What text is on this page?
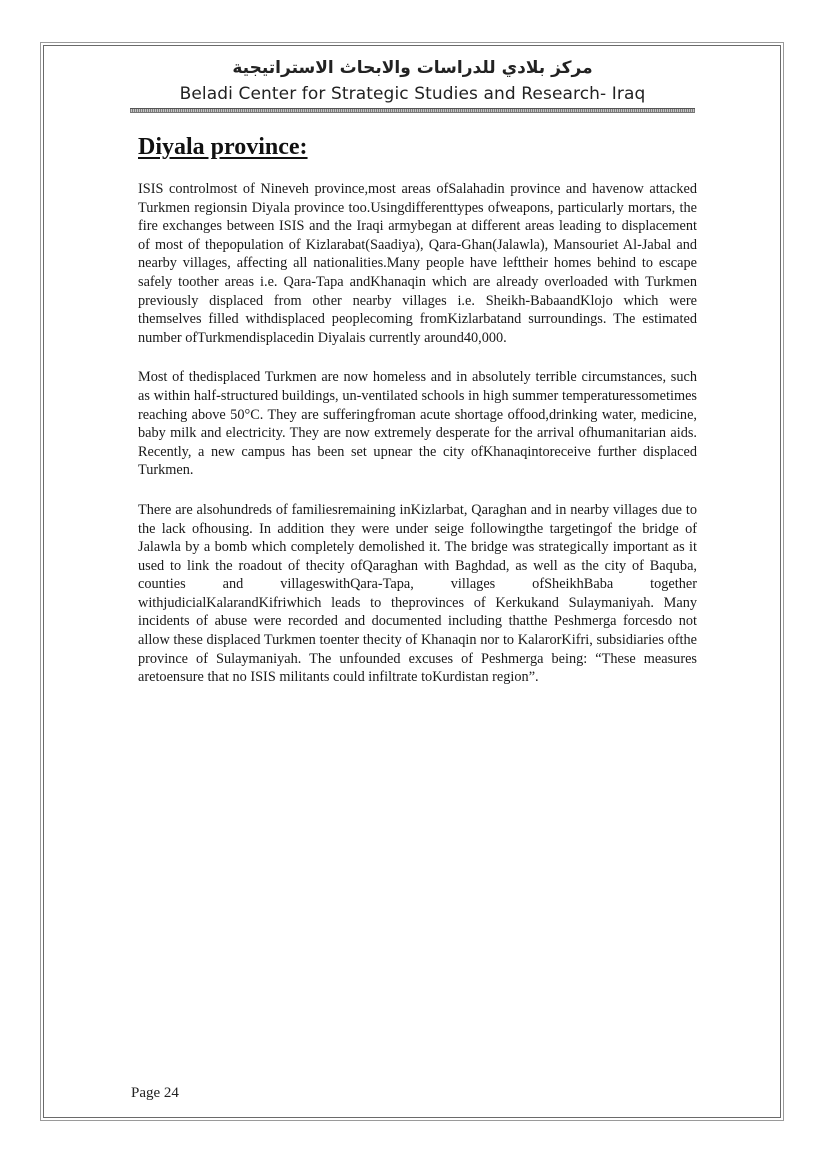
مركز بلادي للدراسات والابحاث الاستراتيجية
Beladi Center for Strategic Studies and Research- Iraq
Diyala province:

ISIS controlmost of Nineveh province,most areas ofSalahadin province and havenow attacked Turkmen regionsin Diyala province too.Usingdifferenttypes ofweapons, particularly mortars, the fire exchanges between ISIS and the Iraqi armybegan at different areas leading to displacement of most of thepopulation of Kizlarabat(Saadiya), Qara-Ghan(Jalawla), Mansouriet Al-Jabal and nearby villages, affecting all nationalities.Many people have lefttheir homes behind to escape safely toother areas i.e. Qara-Tapa andKhanaqin which are already overloaded with Turkmen previously displaced from other nearby villages i.e. Sheikh-BabaandKlojo which were themselves filled withdisplaced peoplecoming fromKizlarbatand surroundings. The estimated number ofTurkmendisplacedin Diyalais currently around40,000.

Most of thedisplaced Turkmen are now homeless and in absolutely terrible circumstances, such as within half-structured buildings, un-ventilated schools in high summer temperaturessometimes reaching above 50°C. They are sufferingfroman acute shortage offood,drinking water, medicine, baby milk and electricity. They are now extremely desperate for the arrival ofhumanitarian aids. Recently, a new campus has been set upnear the city ofKhanaqintoreceive further displaced Turkmen.

There are alsohundreds of familiesremaining inKizlarbat, Qaraghan and in nearby villages due to the lack ofhousing. In addition they were under seige followingthe targetingof the bridge of Jalawla by a bomb which completely demolished it. The bridge was strategically important as it used to link the roadout of thecity ofQaraghan with Baghdad, as well as the city of Baquba, counties and villageswithQara-Tapa, villages ofSheikhBaba together withjudicialKalarandKifriwhich leads to theprovinces of Kerkukand Sulaymaniyah. Many incidents of abuse were recorded and documented including thatthe Peshmerga forcesdo not allow these displaced Turkmen toenter thecity of Khanaqin nor to KalarorKifri, subsidiaries ofthe province of Sulaymaniyah. The unfounded excuses of Peshmerga being: “These measures aretoensure that no ISIS militants could infiltrate toKurdistan region”.

Page 24
